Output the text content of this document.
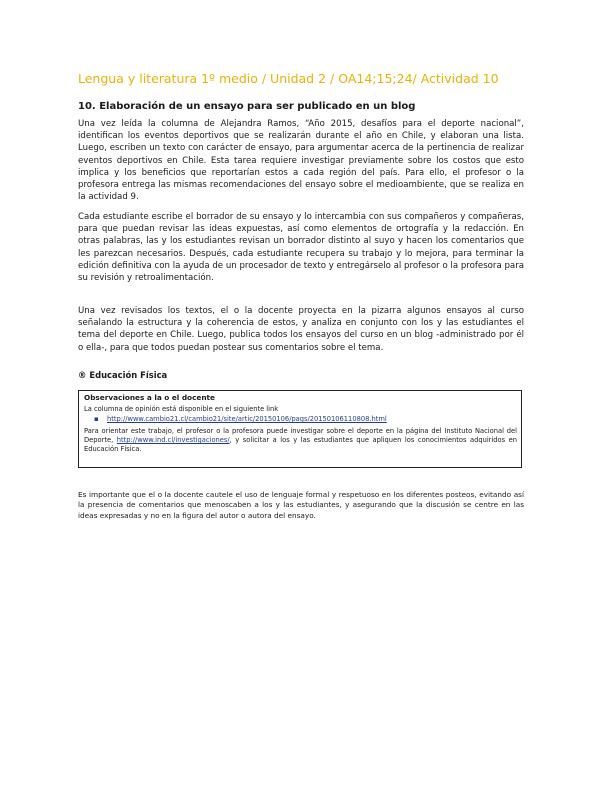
Lengua y literatura 1º medio / Unidad 2 / OA14;15;24/ Actividad 10
10. Elaboración de un ensayo para ser publicado en un blog

Una vez leída la columna de Alejandra Ramos, “Año 2015, desafíos para el deporte nacional”, identifican los eventos deportivos que se realizarán durante el año en Chile, y elaboran una lista. Luego, escriben un texto con carácter de ensayo, para argumentar acerca de la pertinencia de realizar eventos deportivos en Chile. Esta tarea requiere investigar previamente sobre los costos que esto implica y los beneficios que reportarían estos a cada región del país. Para ello, el profesor o la profesora entrega las mismas recomendaciones del ensayo sobre el medioambiente, que se realiza en la actividad 9.

Cada estudiante escribe el borrador de su ensayo y lo intercambia con sus compañeros y compañeras, para que puedan revisar las ideas expuestas, así como elementos de ortografía y la redacción. En otras palabras, las y los estudiantes revisan un borrador distinto al suyo y hacen los comentarios que les parezcan necesarios. Después, cada estudiante recupera su trabajo y lo mejora, para terminar la edición definitiva con la ayuda de un procesador de texto y entregárselo al profesor o la profesora para su revisión y retroalimentación.

Una vez revisados los textos, el o la docente proyecta en la pizarra algunos ensayos al curso señalando la estructura y la coherencia de estos, y analiza en conjunto con los y las estudiantes el tema del deporte en Chile. Luego, publica todos los ensayos del curso en un blog -administrado por él o ella-, para que todos puedan postear sus comentarios sobre el tema.

® Educación Física
Observaciones a la o el docente

La columna de opinión está disponible en el siguiente link

▪ http://www.cambio21.cl/cambio21/site/artic/20150106/pags/20150106110808.html

Para orientar este trabajo, el profesor o la profesora puede investigar sobre el deporte en la página del Instituto Nacional del Deporte, http://www.ind.cl/investigaciones/, y solicitar a los y las estudiantes que apliquen los conocimientos adquiridos en Educación Física.

Es importante que el o la docente cautele el uso de lenguaje formal y respetuoso en los diferentes posteos, evitando así la presencia de comentarios que menoscaben a los y las estudiantes, y asegurando que la discusión se centre en las ideas expresadas y no en la figura del autor o autora del ensayo.
